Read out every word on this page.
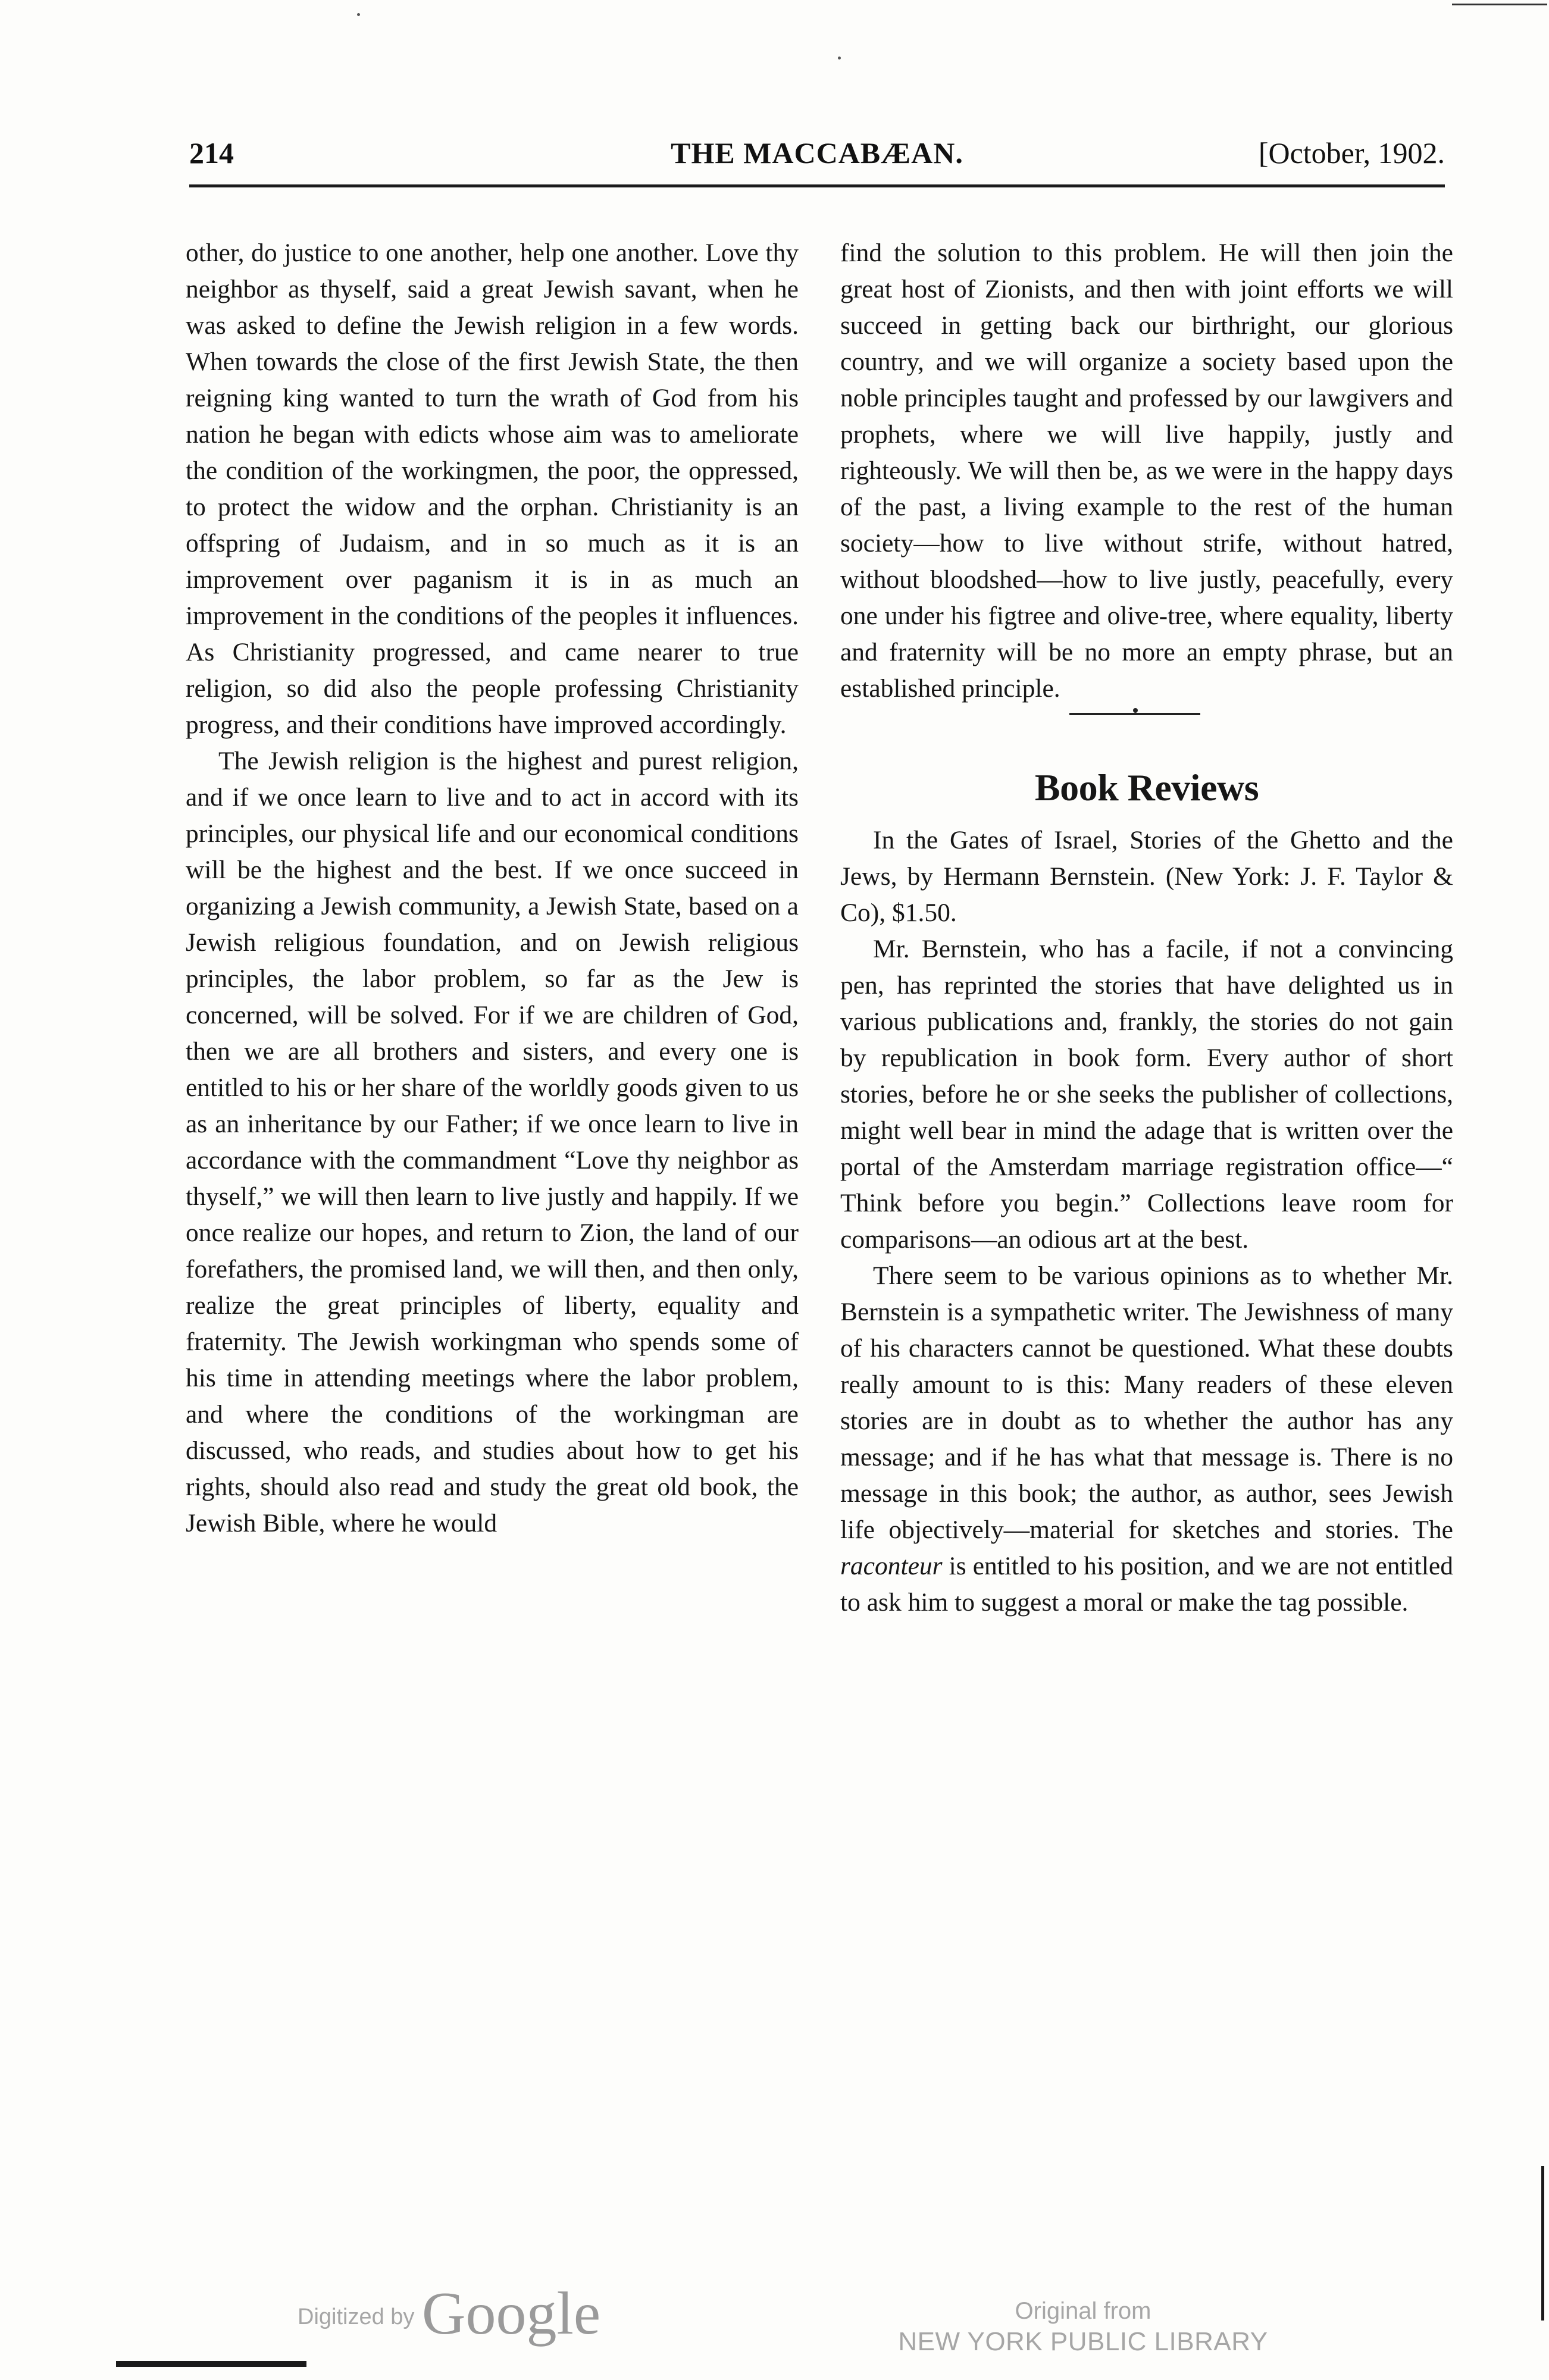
214	THE MACCABÆAN.	[October, 1902.

other, do justice to one another, help one another. Love thy neighbor as thyself, said a great Jewish savant, when he was asked to define the Jewish religion in a few words. When towards the close of the first Jewish State, the then reigning king wanted to turn the wrath of God from his nation he began with edicts whose aim was to ameliorate the condition of the workingmen, the poor, the oppressed, to protect the widow and the orphan. Christianity is an offspring of Judaism, and in so much as it is an improvement over paganism it is in as much an improvement in the conditions of the peoples it influences. As Christianity progressed, and came nearer to true religion, so did also the people professing Christianity progress, and their conditions have improved accordingly.

The Jewish religion is the highest and purest religion, and if we once learn to live and to act in accord with its principles, our physical life and our economical conditions will be the highest and the best. If we once succeed in organizing a Jewish community, a Jewish State, based on a Jewish religious foundation, and on Jewish religious principles, the labor problem, so far as the Jew is concerned, will be solved. For if we are children of God, then we are all brothers and sisters, and every one is entitled to his or her share of the worldly goods given to us as an inheritance by our Father; if we once learn to live in accordance with the commandment “Love thy neighbor as thyself,” we will then learn to live justly and happily. If we once realize our hopes, and return to Zion, the land of our forefathers, the promised land, we will then, and then only, realize the great principles of liberty, equality and fraternity. The Jewish workingman who spends some of his time in attending meetings where the labor problem, and where the conditions of the workingman are discussed, who reads, and studies about how to get his rights, should also read and study the great old book, the Jewish Bible, where he would

find the solution to this problem. He will then join the great host of Zionists, and then with joint efforts we will succeed in getting back our birthright, our glorious country, and we will organize a society based upon the noble principles taught and professed by our lawgivers and prophets, where we will live happily, justly and righteously. We will then be, as we were in the happy days of the past, a living example to the rest of the human society—how to live without strife, without hatred, without bloodshed—how to live justly, peacefully, every one under his figtree and olive-tree, where equality, liberty and fraternity will be no more an empty phrase, but an established principle.

Book Reviews

In the Gates of Israel, Stories of the Ghetto and the Jews, by Hermann Bernstein. (New York: J. F. Taylor & Co), $1.50.

Mr. Bernstein, who has a facile, if not a convincing pen, has reprinted the stories that have delighted us in various publications and, frankly, the stories do not gain by republication in book form. Every author of short stories, before he or she seeks the publisher of collections, might well bear in mind the adage that is written over the portal of the Amsterdam marriage registration office—“ Think before you begin.” Collections leave room for comparisons—an odious art at the best.

There seem to be various opinions as to whether Mr. Bernstein is a sympathetic writer. The Jewishness of many of his characters cannot be questioned. What these doubts really amount to is this: Many readers of these eleven stories are in doubt as to whether the author has any message; and if he has what that message is. There is no message in this book; the author, as author, sees Jewish life objectively—material for sketches and stories. The raconteur is entitled to his position, and we are not entitled to ask him to suggest a moral or make the tag possible.

Digitized by Google	Original from
NEW YORK PUBLIC LIBRARY
